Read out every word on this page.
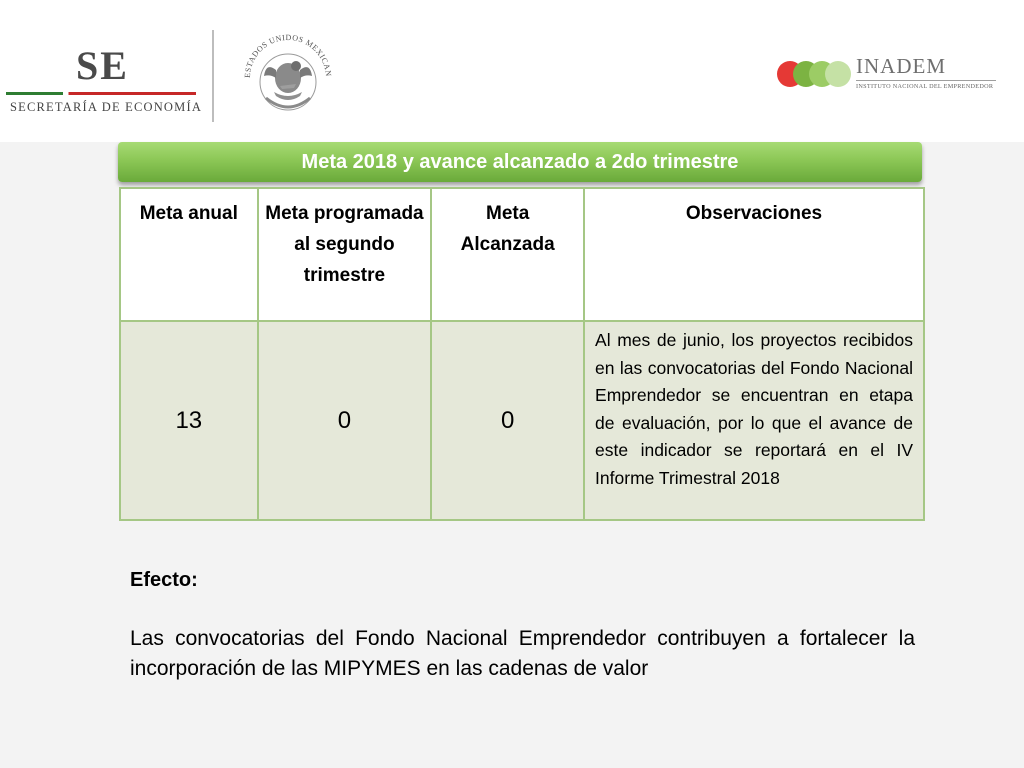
SE
SECRETARÍA DE ECONOMÍA
ESTADOS UNIDOS MEXICAN	INADEM
INSTITUTO NACIONAL DEL EMPRENDEDOR
Meta 2018 y avance alcanzado a 2do trimestre
Meta anual	Meta programada al segundo trimestre	Meta Alcanzada	Observaciones
13	0	0	Al mes de junio, los proyectos recibidos en las convocatorias del Fondo Nacional Emprendedor se encuentran en etapa de evaluación, por lo que el avance de este indicador se reportará en el IV Informe Trimestral 2018
Efecto:
Las convocatorias del Fondo Nacional Emprendedor contribuyen a fortalecer la incorporación de las MIPYMES en las cadenas de valor
